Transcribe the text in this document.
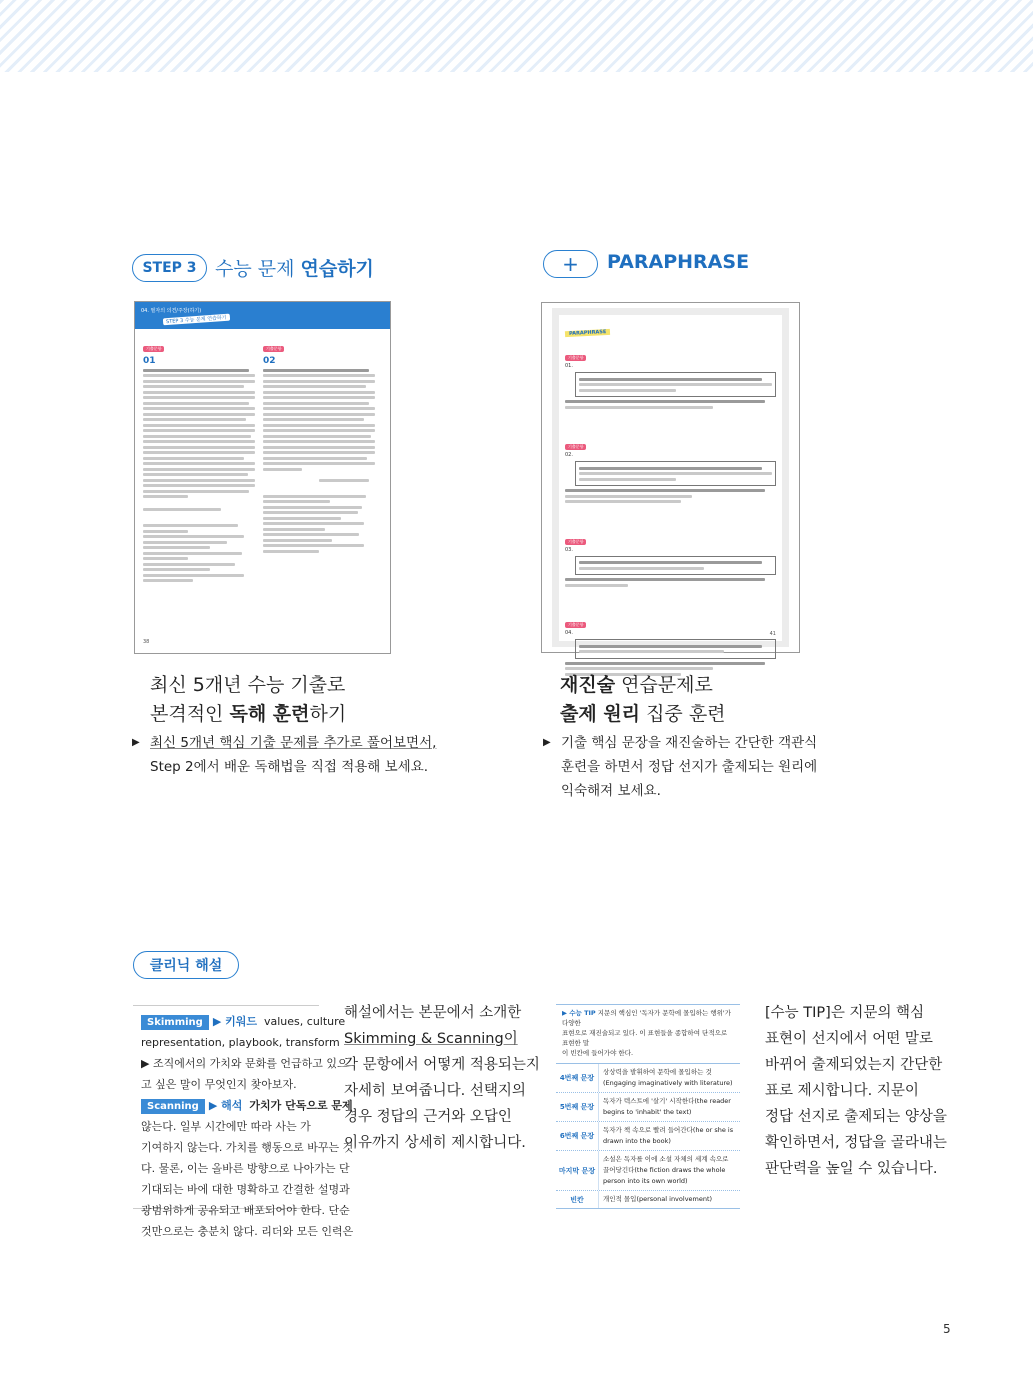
STEP 3 수능 문제 연습하기
04. 필자의 의견/주장(하기)
STEP 3 수능 문제 연습하기
기출문항
01
기출문항
02
38
최신 5개년 수능 기출로
본격적인 독해 훈련하기
▶ 최신 5개년 핵심 기출 문제를 추가로 풀어보면서,
Step 2에서 배운 독해법을 직접 적용해 보세요.
+ PARAPHRASE
PARAPHRASE
기출문항
01.
기출문항
02.
기출문항
03.
기출문항
04.	41
재진술 연습문제로
출제 원리 집중 훈련
▶ 기출 핵심 문장을 재진술하는 간단한 객관식
훈련을 하면서 정답 선지가 출제되는 원리에
익숙해져 보세요.
클리닉 해설
Skimming ▶ 키워드 values, culture
representation, playbook, transform
▶ 조직에서의 가치와 문화를 언급하고 있으
고 싶은 말이 무엇인지 찾아보자.
Scanning ▶ 해석 가치가 단독으로 문제
않는다. 일부 시간에만 따라 사는 가
기여하지 않는다. 가치를 행동으로 바꾸는 것
다. 물론, 이는 올바른 방향으로 나아가는 단
기대되는 바에 대한 명확하고 간결한 설명과
광범위하게 공유되고 배포되어야 한다. 단순
것만으로는 충분치 않다. 리더와 모든 인력은
해설에서는 본문에서 소개한
Skimming & Scanning이
각 문항에서 어떻게 적용되는지
자세히 보여줍니다. 선택지의
경우 정답의 근거와 오답인
이유까지 상세히 제시합니다.
▶ 수능 TIP 지문의 핵심인 '독자가 문학에 몰입하는 행위'가 다양한
표현으로 재진술되고 있다. 이 표현들을 종합하여 단적으로 표현한 말
이 빈칸에 들어가야 한다.
4번째 문장
상상력을 발휘하여 문학에 몰입하는 것 (Engaging imaginatively with literature)
5번째 문장
독자가 텍스트에 '살기' 시작한다(the reader begins to 'inhabit' the text)
6번째 문장
독자가 책 속으로 빨려 들어간다(he or she is drawn into the book)
마지막 문장
소설은 독자를 이에 소설 자체의 세계 속으로 끌어당긴다(the fiction draws the whole person into its own world)
빈칸	개인적 몰입(personal involvement)
[수능 TIP]은 지문의 핵심
표현이 선지에서 어떤 말로
바뀌어 출제되었는지 간단한
표로 제시합니다. 지문이
정답 선지로 출제되는 양상을
확인하면서, 정답을 골라내는
판단력을 높일 수 있습니다.
5
